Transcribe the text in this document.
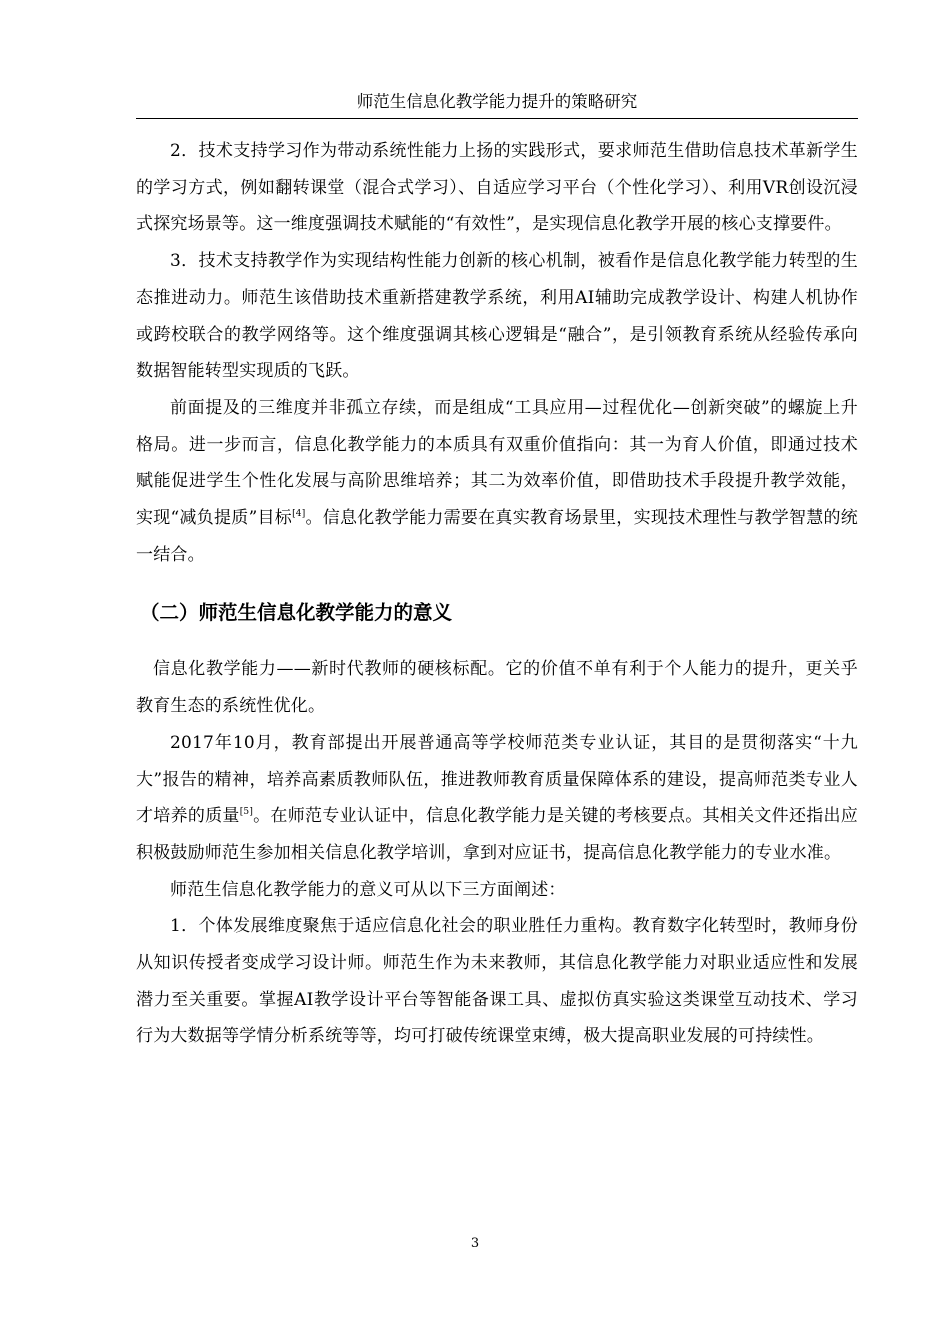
师范生信息化教学能力提升的策略研究

2．技术支持学习作为带动系统性能力上扬的实践形式，要求师范生借助信息技术革新学生的学习方式，例如翻转课堂（混合式学习）、自适应学习平台（个性化学习）、利用VR创设沉浸式探究场景等。这一维度强调技术赋能的“有效性”，是实现信息化教学开展的核心支撑要件。

3．技术支持教学作为实现结构性能力创新的核心机制，被看作是信息化教学能力转型的生态推进动力。师范生该借助技术重新搭建教学系统，利用AI辅助完成教学设计、构建人机协作或跨校联合的教学网络等。这个维度强调其核心逻辑是“融合”，是引领教育系统从经验传承向数据智能转型实现质的飞跃。

前面提及的三维度并非孤立存续，而是组成“工具应用—过程优化—创新突破”的螺旋上升格局。进一步而言，信息化教学能力的本质具有双重价值指向：其一为育人价值，即通过技术赋能促进学生个性化发展与高阶思维培养；其二为效率价值，即借助技术手段提升教学效能，实现“减负提质”目标[4]。信息化教学能力需要在真实教育场景里，实现技术理性与教学智慧的统一结合。

（二）师范生信息化教学能力的意义

信息化教学能力——新时代教师的硬核标配。它的价值不单有利于个人能力的提升，更关乎教育生态的系统性优化。

2017年10月，教育部提出开展普通高等学校师范类专业认证，其目的是贯彻落实“十九大”报告的精神，培养高素质教师队伍，推进教师教育质量保障体系的建设，提高师范类专业人才培养的质量[5]。在师范专业认证中，信息化教学能力是关键的考核要点。其相关文件还指出应积极鼓励师范生参加相关信息化教学培训，拿到对应证书，提高信息化教学能力的专业水准。

师范生信息化教学能力的意义可从以下三方面阐述：

1．个体发展维度聚焦于适应信息化社会的职业胜任力重构。教育数字化转型时，教师身份从知识传授者变成学习设计师。师范生作为未来教师，其信息化教学能力对职业适应性和发展潜力至关重要。掌握AI教学设计平台等智能备课工具、虚拟仿真实验这类课堂互动技术、学习行为大数据等学情分析系统等等，均可打破传统课堂束缚，极大提高职业发展的可持续性。

3
